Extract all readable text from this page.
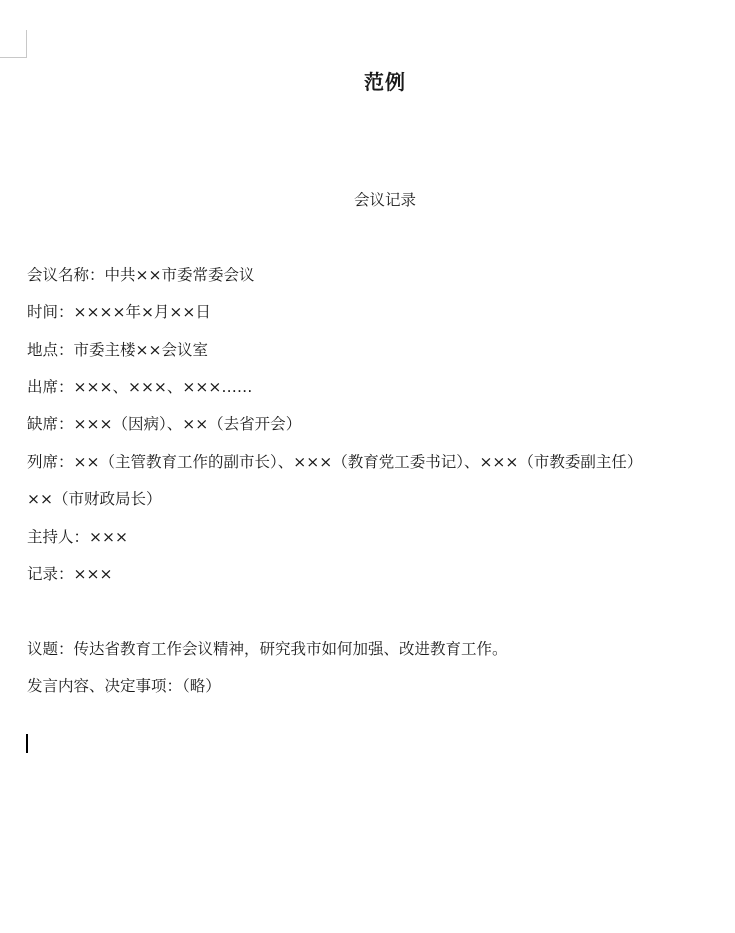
范例
会议记录
会议名称：中共××市委常委会议
时间：××××年×月××日
地点：市委主楼××会议室
出席：×××、×××、×××……
缺席：×××（因病）、××（去省开会）
列席：××（主管教育工作的副市长）、×××（教育党工委书记）、×××（市教委副主任）
××（市财政局长）
主持人：×××
记录：×××
议题：传达省教育工作会议精神，研究我市如何加强、改进教育工作。
发言内容、决定事项：（略）
